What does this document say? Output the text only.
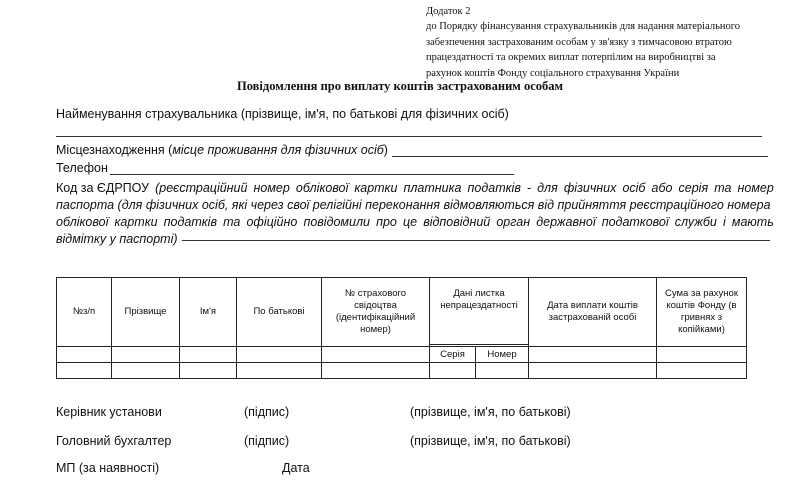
Додаток 2
до Порядку фінансування страхувальників для надання матеріального
забезпечення застрахованим особам у зв'язку з тимчасовою втратою
працездатності та окремих виплат потерпілим на виробництві за
рахунок коштів Фонду соціального страхування України
Повідомлення про виплату коштів застрахованим особам
Найменування страхувальника (прізвище, ім'я, по батькові для фізичних осіб)
Місцезнаходження (місце проживання для фізичних осіб)
Телефон
Код за ЄДРПОУ (реєстраційний номер облікової картки платника податків - для фізичних осіб або серія та номер
паспорта (для фізичних осіб, які через свої релігійні переконання відмовляються від прийняття реєстраційного номера
облікової картки податків та офіційно повідомили про це відповідний орган державної податкової служби і мають
відмітку у паспорті)
№з/п	Прізвище	Ім'я	По батькові	№ страхового свідоцтва (ідентифікаційний номер)	Дані листка непрацездатності		Дата виплати коштів застрахованій особі	Сума за рахунок коштів Фонду (в гривнях з копійками)

					Серія	Номер		

Керівник установи	(підпис)	(прізвище, ім'я, по батькові)
Головний бухгалтер	(підпис)	(прізвище, ім'я, по батькові)
МП (за наявності)	Дата
